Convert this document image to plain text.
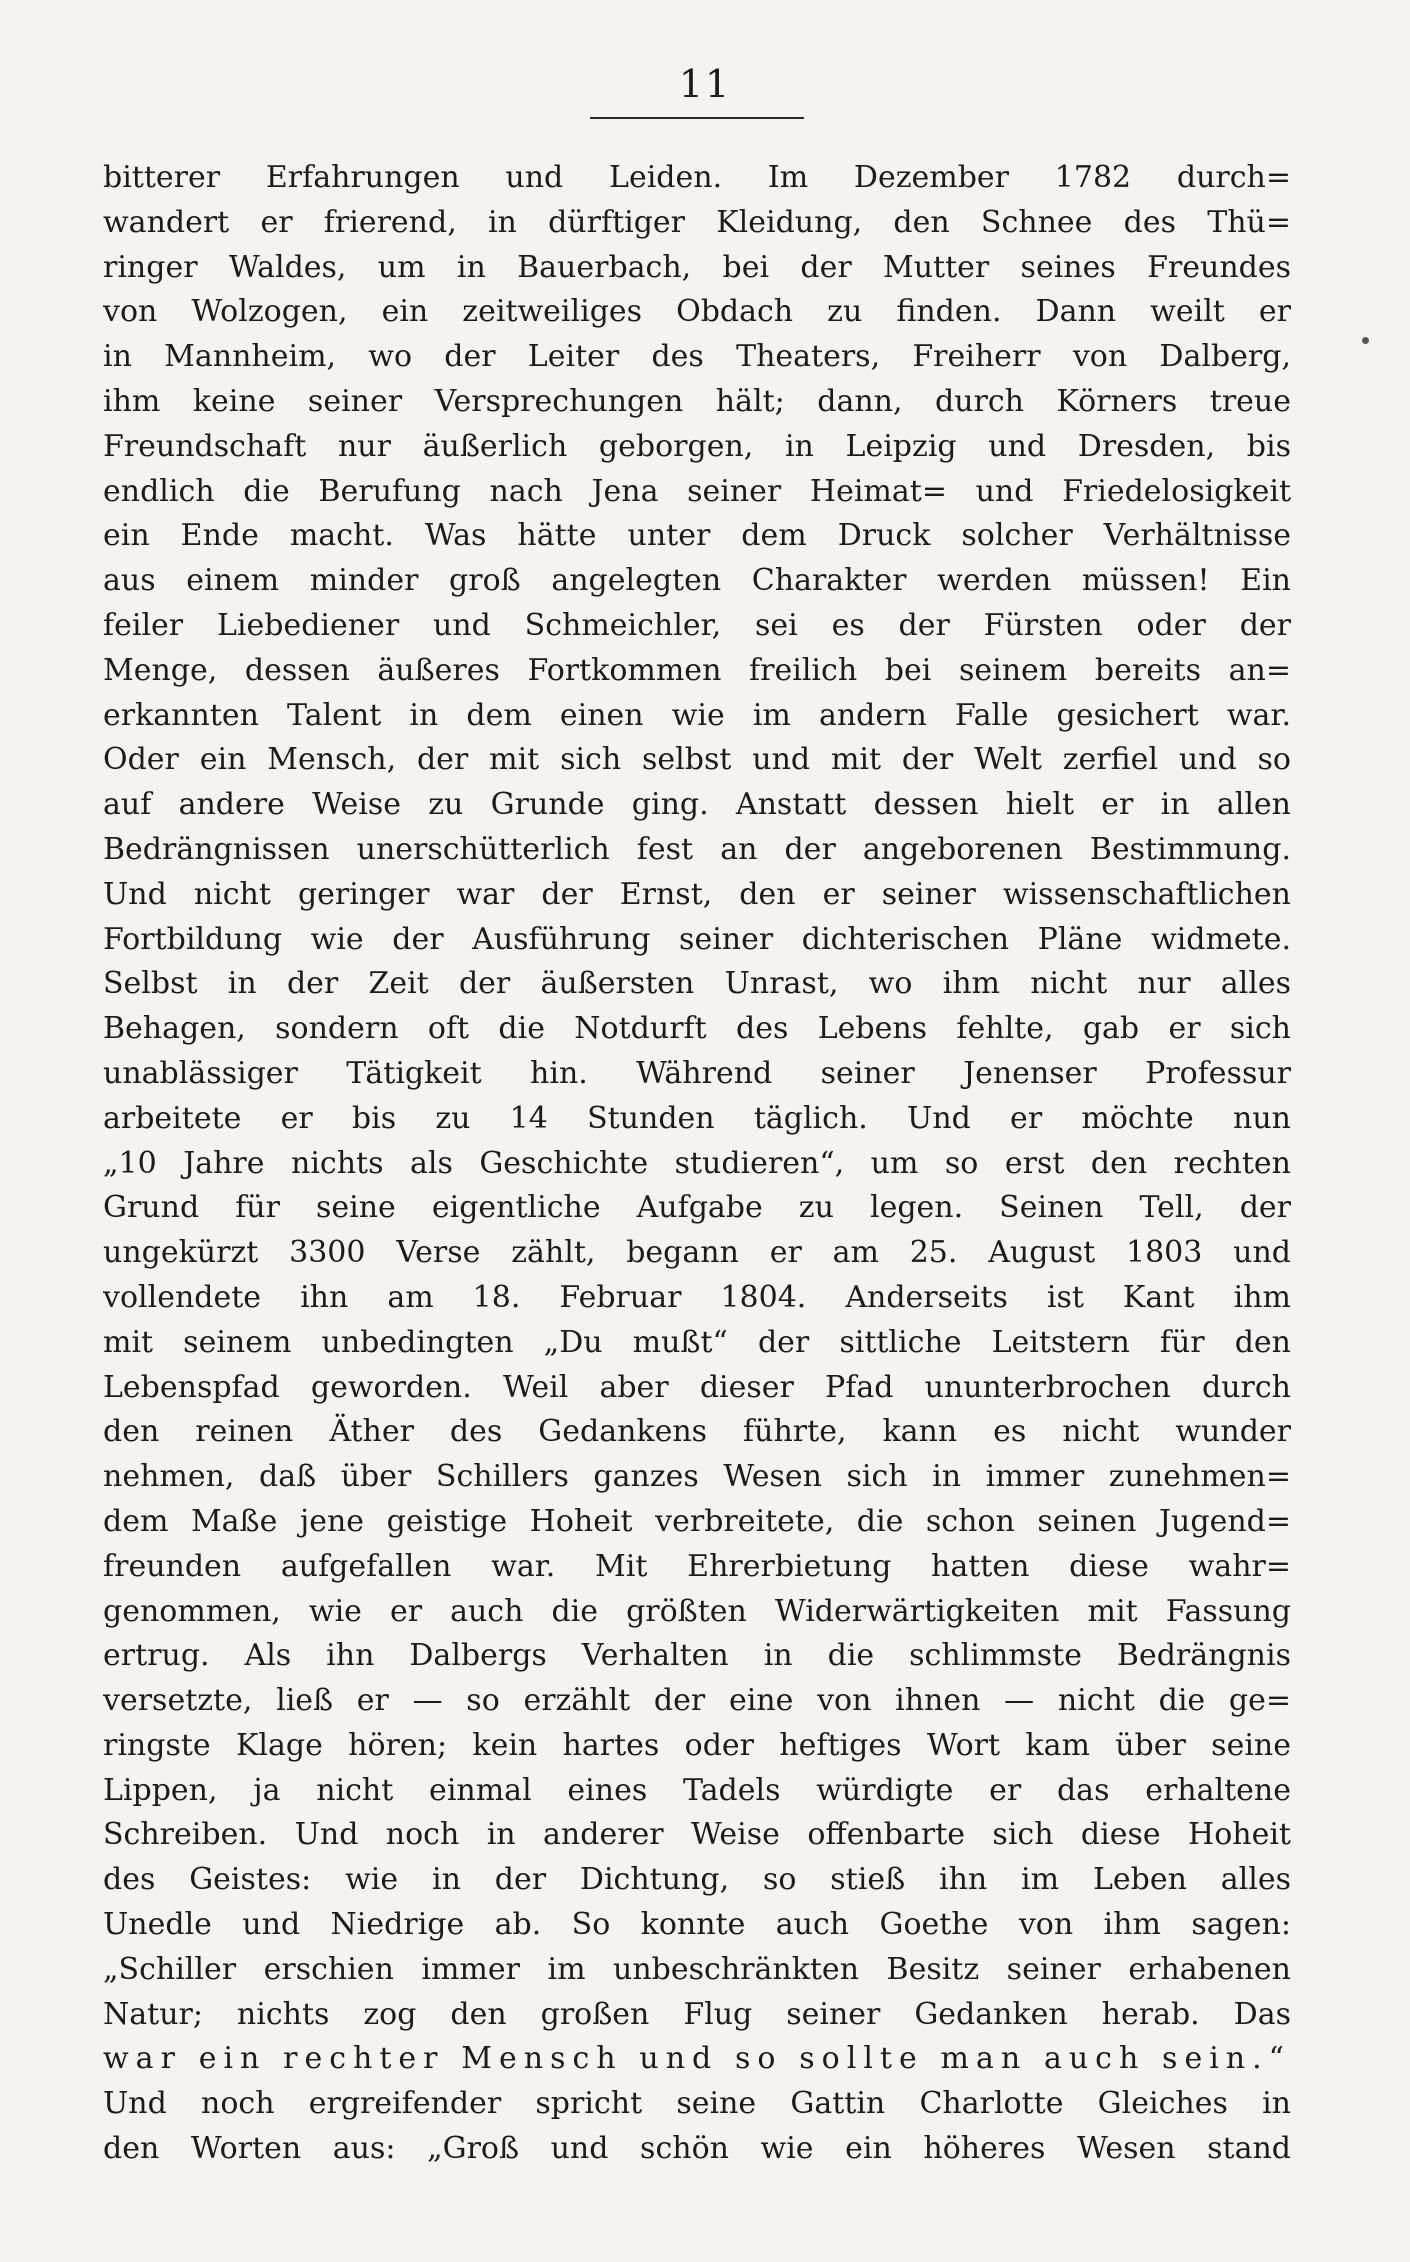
11
bitterer Erfahrungen und Leiden. Im Dezember 1782 durch=
wandert er frierend, in dürftiger Kleidung, den Schnee des Thü=
ringer Waldes, um in Bauerbach, bei der Mutter seines Freundes
von Wolzogen, ein zeitweiliges Obdach zu finden. Dann weilt er
in Mannheim, wo der Leiter des Theaters, Freiherr von Dalberg,
ihm keine seiner Versprechungen hält; dann, durch Körners treue
Freundschaft nur äußerlich geborgen, in Leipzig und Dresden, bis
endlich die Berufung nach Jena seiner Heimat= und Friedelosigkeit
ein Ende macht. Was hätte unter dem Druck solcher Verhältnisse
aus einem minder groß angelegten Charakter werden müssen! Ein
feiler Liebediener und Schmeichler, sei es der Fürsten oder der
Menge, dessen äußeres Fortkommen freilich bei seinem bereits an=
erkannten Talent in dem einen wie im andern Falle gesichert war.
Oder ein Mensch, der mit sich selbst und mit der Welt zerfiel und so
auf andere Weise zu Grunde ging. Anstatt dessen hielt er in allen
Bedrängnissen unerschütterlich fest an der angeborenen Bestimmung.
Und nicht geringer war der Ernst, den er seiner wissenschaftlichen
Fortbildung wie der Ausführung seiner dichterischen Pläne widmete.
Selbst in der Zeit der äußersten Unrast, wo ihm nicht nur alles
Behagen, sondern oft die Notdurft des Lebens fehlte, gab er sich
unablässiger Tätigkeit hin. Während seiner Jenenser Professur
arbeitete er bis zu 14 Stunden täglich. Und er möchte nun
„10 Jahre nichts als Geschichte studieren“, um so erst den rechten
Grund für seine eigentliche Aufgabe zu legen. Seinen Tell, der
ungekürzt 3300 Verse zählt, begann er am 25. August 1803 und
vollendete ihn am 18. Februar 1804. Anderseits ist Kant ihm
mit seinem unbedingten „Du mußt“ der sittliche Leitstern für den
Lebenspfad geworden. Weil aber dieser Pfad ununterbrochen durch
den reinen Äther des Gedankens führte, kann es nicht wunder
nehmen, daß über Schillers ganzes Wesen sich in immer zunehmen=
dem Maße jene geistige Hoheit verbreitete, die schon seinen Jugend=
freunden aufgefallen war. Mit Ehrerbietung hatten diese wahr=
genommen, wie er auch die größten Widerwärtigkeiten mit Fassung
ertrug. Als ihn Dalbergs Verhalten in die schlimmste Bedrängnis
versetzte, ließ er — so erzählt der eine von ihnen — nicht die ge=
ringste Klage hören; kein hartes oder heftiges Wort kam über seine
Lippen, ja nicht einmal eines Tadels würdigte er das erhaltene
Schreiben. Und noch in anderer Weise offenbarte sich diese Hoheit
des Geistes: wie in der Dichtung, so stieß ihn im Leben alles
Unedle und Niedrige ab. So konnte auch Goethe von ihm sagen:
„Schiller erschien immer im unbeschränkten Besitz seiner erhabenen
Natur; nichts zog den großen Flug seiner Gedanken herab. Das
war ein rechter Mensch und so sollte man auch sein.“
Und noch ergreifender spricht seine Gattin Charlotte Gleiches in
den Worten aus: „Groß und schön wie ein höheres Wesen stand
